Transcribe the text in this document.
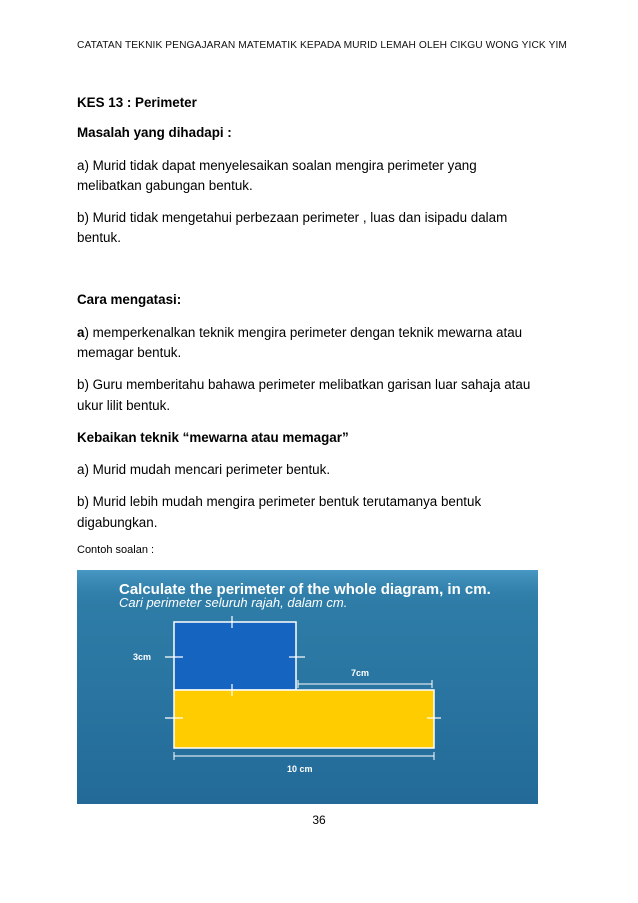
CATATAN TEKNIK PENGAJARAN MATEMATIK KEPADA MURID LEMAH OLEH CIKGU WONG YICK YIM
KES 13 : Perimeter
Masalah yang dihadapi :
a) Murid tidak dapat menyelesaikan soalan mengira perimeter yang
melibatkan gabungan bentuk.
b) Murid tidak mengetahui perbezaan perimeter , luas dan isipadu dalam
bentuk.
Cara mengatasi:
a) memperkenalkan teknik mengira perimeter dengan teknik mewarna atau
memagar bentuk.
b) Guru memberitahu bahawa perimeter melibatkan garisan luar sahaja atau
ukur lilit bentuk.
Kebaikan teknik “mewarna atau memagar”
a) Murid mudah mencari perimeter bentuk.
b) Murid lebih mudah mengira perimeter bentuk terutamanya bentuk
digabungkan.
Contoh soalan :
Calculate the perimeter of the whole diagram, in cm.
Cari perimeter seluruh rajah, dalam cm.
3cm
7cm
10 cm
36
